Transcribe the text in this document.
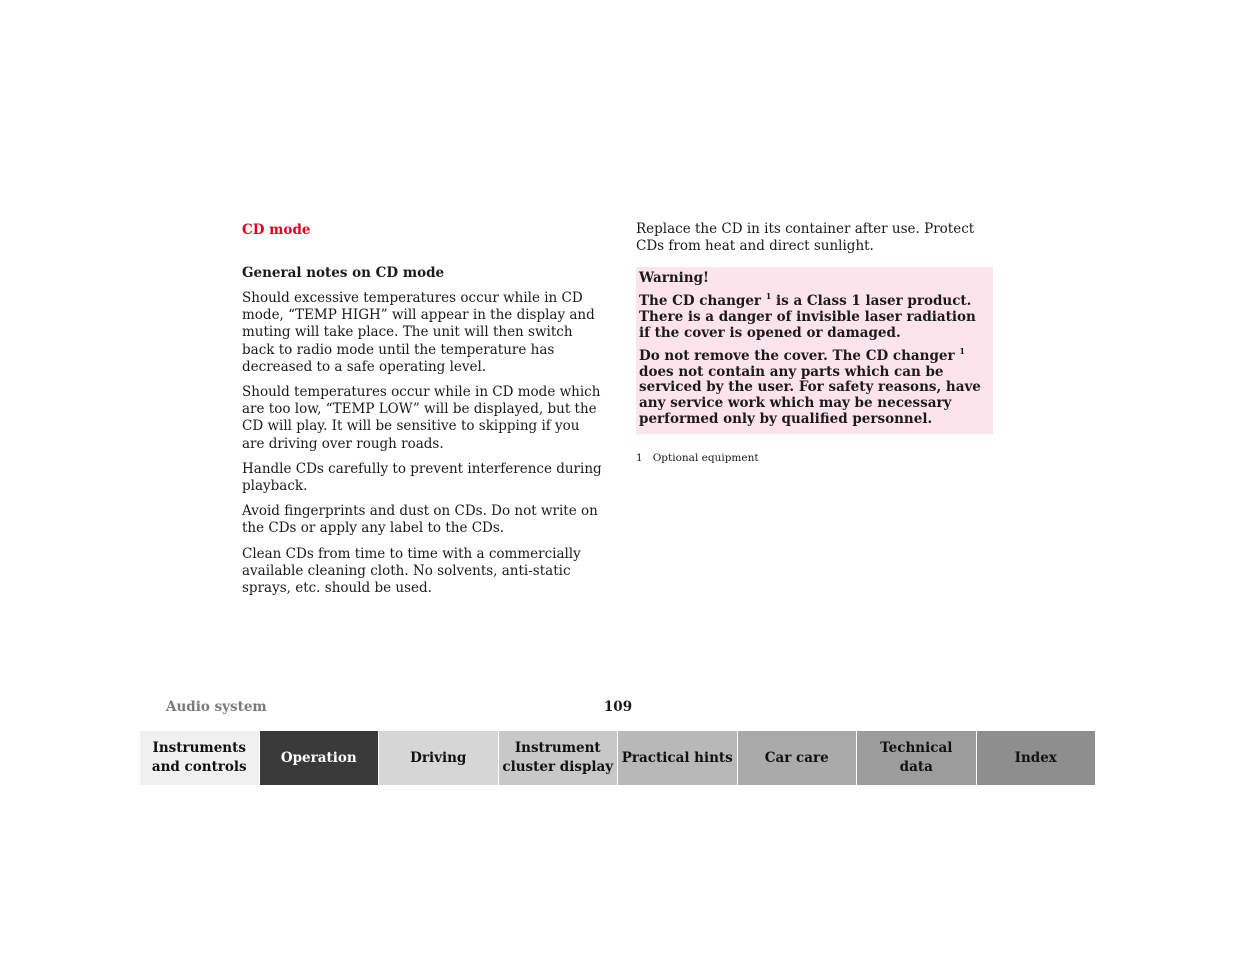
CD mode
General notes on CD mode

Should excessive temperatures occur while in CD mode, “TEMP HIGH” will appear in the display and muting will take place. The unit will then switch back to radio mode until the temperature has decreased to a safe operating level.

Should temperatures occur while in CD mode which are too low, “TEMP LOW” will be displayed, but the CD will play. It will be sensitive to skipping if you are driving over rough roads.

Handle CDs carefully to prevent interference during playback.

Avoid fingerprints and dust on CDs. Do not write on the CDs or apply any label to the CDs.

Clean CDs from time to time with a commercially available cleaning cloth. No solvents, anti-static sprays, etc. should be used.

Replace the CD in its container after use. Protect CDs from heat and direct sunlight.

Warning!

The CD changer $^1$ is a Class 1 laser product. There is a danger of invisible laser radiation if the cover is opened or damaged.

Do not remove the cover. The CD changer $^1$ does not contain any parts which can be serviced by the user. For safety reasons, have any service work which may be necessary performed only by qualified personnel.

1 Optional equipment
Audio system	109
Instruments
and controls
Operation	Driving
Instrument
cluster display
Practical hints Car care
Technical
data
Index
